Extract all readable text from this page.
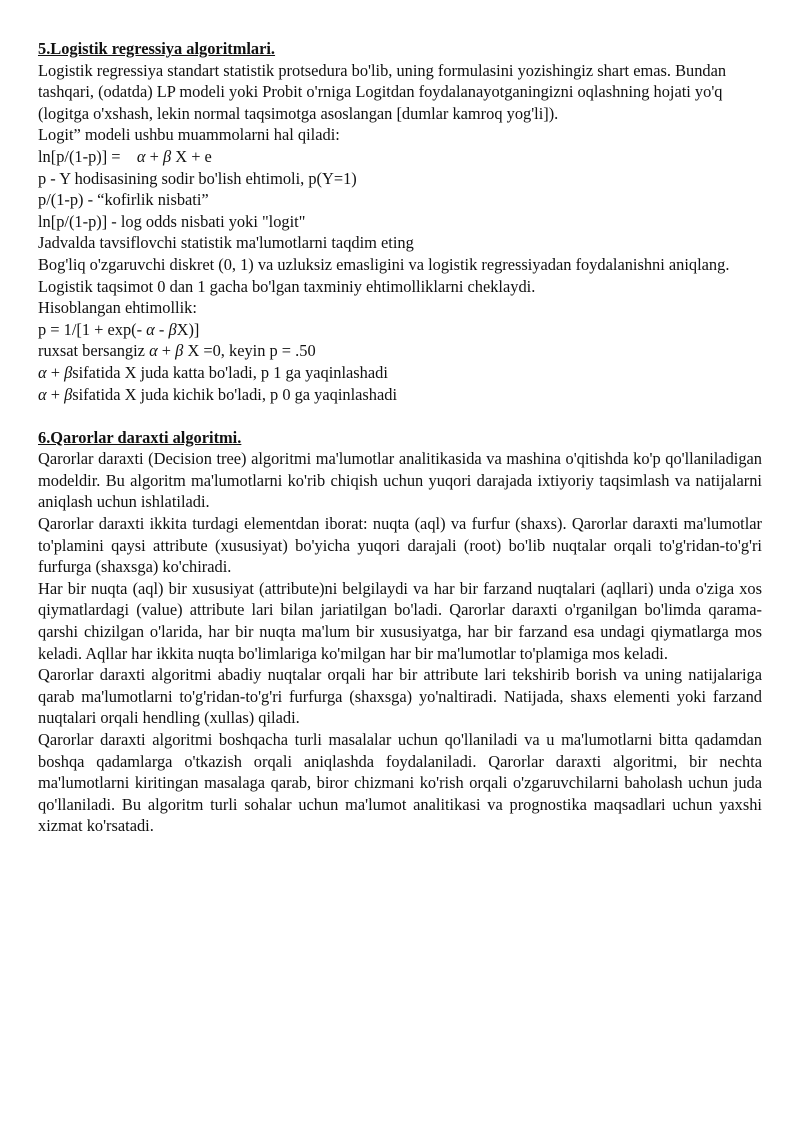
5.Logistik regressiya algoritmlari.

Logistik regressiya standart statistik protsedura bo'lib, uning formulasini yozishingiz shart emas. Bundan tashqari, (odatda) LP modeli yoki Probit o'rniga Logitdan foydalanayotganingizni oqlashning hojati yo'q (logitga o'xshash, lekin normal taqsimotga asoslangan [dumlar kamroq yog'li]).

Logit” modeli ushbu muammolarni hal qiladi:

ln[p/(1-p)] = α + β X + e

p - Y hodisasining sodir bo'lish ehtimoli, p(Y=1)

p/(1-p) - “kofirlik nisbati”

ln[p/(1-p)] - log odds nisbati yoki "logit"

Jadvalda tavsiflovchi statistik ma'lumotlarni taqdim eting

Bog'liq o'zgaruvchi diskret (0, 1) va uzluksiz emasligini va logistik regressiyadan foydalanishni aniqlang.

Logistik taqsimot 0 dan 1 gacha bo'lgan taxminiy ehtimolliklarni cheklaydi.

Hisoblangan ehtimollik:

p = 1/[1 + exp(- α - βX)]

ruxsat bersangiz α + β X =0, keyin p = .50

α + βsifatida X juda katta bo'ladi, p 1 ga yaqinlashadi

α + βsifatida X juda kichik bo'ladi, p 0 ga yaqinlashadi

6.Qarorlar daraxti algoritmi.

Qarorlar daraxti (Decision tree) algoritmi ma'lumotlar analitikasida va mashina o'qitishda ko'p qo'llaniladigan modeldir. Bu algoritm ma'lumotlarni ko'rib chiqish uchun yuqori darajada ixtiyoriy taqsimlash va natijalarni aniqlash uchun ishlatiladi.

Qarorlar daraxti ikkita turdagi elementdan iborat: nuqta (aql) va furfur (shaxs). Qarorlar daraxti ma'lumotlar to'plamini qaysi attribute (xususiyat) bo'yicha yuqori darajali (root) bo'lib nuqtalar orqali to'g'ridan-to'g'ri furfurga (shaxsga) ko'chiradi.

Har bir nuqta (aql) bir xususiyat (attribute)ni belgilaydi va har bir farzand nuqtalari (aqllari) unda o'ziga xos qiymatlardagi (value) attribute lari bilan jariatilgan bo'ladi. Qarorlar daraxti o'rganilgan bo'limda qarama-qarshi chizilgan o'larida, har bir nuqta ma'lum bir xususiyatga, har bir farzand esa undagi qiymatlarga mos keladi. Aqllar har ikkita nuqta bo'limlariga ko'milgan har bir ma'lumotlar to'plamiga mos keladi.

Qarorlar daraxti algoritmi abadiy nuqtalar orqali har bir attribute lari tekshirib borish va uning natijalariga qarab ma'lumotlarni to'g'ridan-to'g'ri furfurga (shaxsga) yo'naltiradi. Natijada, shaxs elementi yoki farzand nuqtalari orqali hendling (xullas) qiladi.

Qarorlar daraxti algoritmi boshqacha turli masalalar uchun qo'llaniladi va u ma'lumotlarni bitta qadamdan boshqa qadamlarga o'tkazish orqali aniqlashda foydalaniladi. Qarorlar daraxti algoritmi, bir nechta ma'lumotlarni kiritingan masalaga qarab, biror chizmani ko'rish orqali o'zgaruvchilarni baholash uchun juda qo'llaniladi. Bu algoritm turli sohalar uchun ma'lumot analitikasi va prognostika maqsadlari uchun yaxshi xizmat ko'rsatadi.
